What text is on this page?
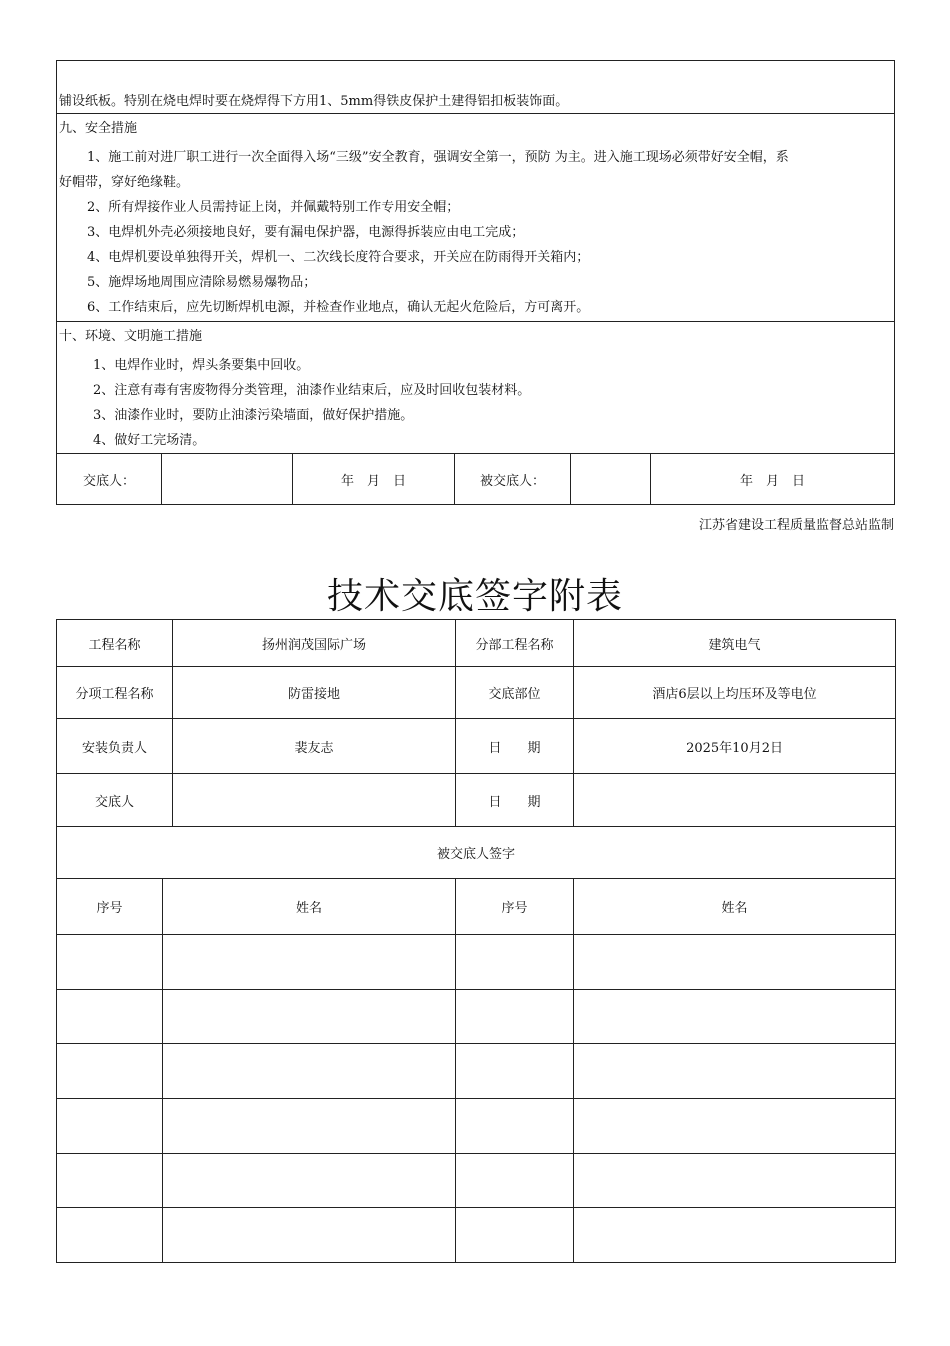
铺设纸板。特别在烧电焊时要在烧焊得下方用1、5mm得铁皮保护土建得铝扣板装饰面。
九、安全措施
1、施工前对进厂职工进行一次全面得入场“三级”安全教育，强调安全第一，预防 为主。进入施工现场必须带好安全帽，系
好帽带，穿好绝缘鞋。
2、所有焊接作业人员需持证上岗，并佩戴特别工作专用安全帽；
3、电焊机外壳必须接地良好，要有漏电保护器，电源得拆装应由电工完成；
4、电焊机要设单独得开关，焊机一、二次线长度符合要求，开关应在防雨得开关箱内；
5、施焊场地周围应清除易燃易爆物品；
6、工作结束后，应先切断焊机电源，并检查作业地点，确认无起火危险后，方可离开。
十、环境、文明施工措施
1、电焊作业时，焊头条要集中回收。
2、注意有毒有害废物得分类管理，油漆作业结束后，应及时回收包装材料。
3、油漆作业时，要防止油漆污染墙面，做好保护措施。
4、做好工完场清。
交底人：	年　月　日	被交底人：	年　月　日
江苏省建设工程质量监督总站监制
技术交底签字附表
工程名称		扬州润茂国际广场	分部工程名称	建筑电气
分项工程名称		防雷接地	交底部位	酒店6层以上均压环及等电位
安装负责人		裴友志	日　　期	2025年10月2日
交底人			日　　期	
被交底人签字				
序号	姓名		序号	姓名
